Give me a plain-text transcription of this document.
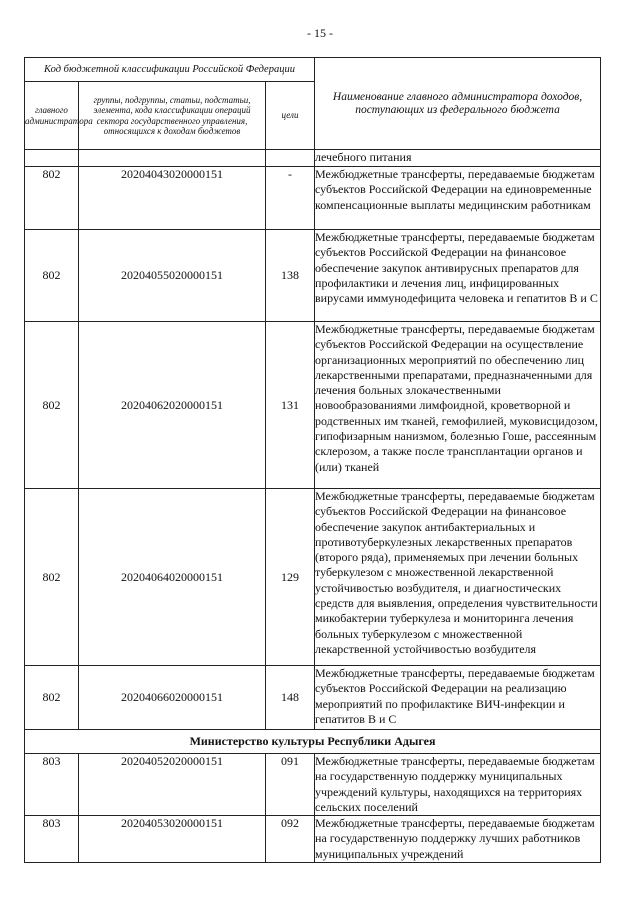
- 15 -
Код бюджетной классификации Российской Федерации			Наименование главного администратора доходов, поступающих из федерального бюджета
главного администратора	группы, подгруппы, статьи, подстатьи, элемента, кода классификации операций сектора государственного управления, относящихся к доходам бюджетов	цели	
			лечебного питания
802	20204043020000151	-	Межбюджетные трансферты, передаваемые бюджетам субъектов Российской Федерации на единовременные компенсационные выплаты медицинским работникам
802	20204055020000151	138	Межбюджетные трансферты, передаваемые бюджетам субъектов Российской Федерации на финансовое обеспечение закупок антивирусных препаратов для профилактики и лечения лиц, инфицированных вирусами иммунодефицита человека и гепатитов В и С
802	20204062020000151	131	Межбюджетные трансферты, передаваемые бюджетам субъектов Российской Федерации на осуществление организационных мероприятий по обеспечению лиц лекарственными препаратами, предназначенными для лечения больных злокачественными новообразованиями лимфоидной, кроветворной и родственных им тканей, гемофилией, муковисцидозом, гипофизарным нанизмом, болезнью Гоше, рассеянным склерозом, а также после трансплантации органов и (или) тканей
802	20204064020000151	129	Межбюджетные трансферты, передаваемые бюджетам субъектов Российской Федерации на финансовое обеспечение закупок антибактериальных и противотуберкулезных лекарственных препаратов (второго ряда), применяемых при лечении больных туберкулезом с множественной лекарственной устойчивостью возбудителя, и диагностических средств для выявления, определения чувствительности микобактерии туберкулеза и мониторинга лечения больных туберкулезом с множественной лекарственной устойчивостью возбудителя
802	20204066020000151	148	Межбюджетные трансферты, передаваемые бюджетам субъектов Российской Федерации на реализацию мероприятий по профилактике ВИЧ-инфекции и гепатитов В и С
Министерство культуры Республики Адыгея			
803	20204052020000151	091	Межбюджетные трансферты, передаваемые бюджетам на государственную поддержку муниципальных учреждений культуры, находящихся на территориях сельских поселений
803	20204053020000151	092	Межбюджетные трансферты, передаваемые бюджетам на государственную поддержку лучших работников муниципальных учреждений
